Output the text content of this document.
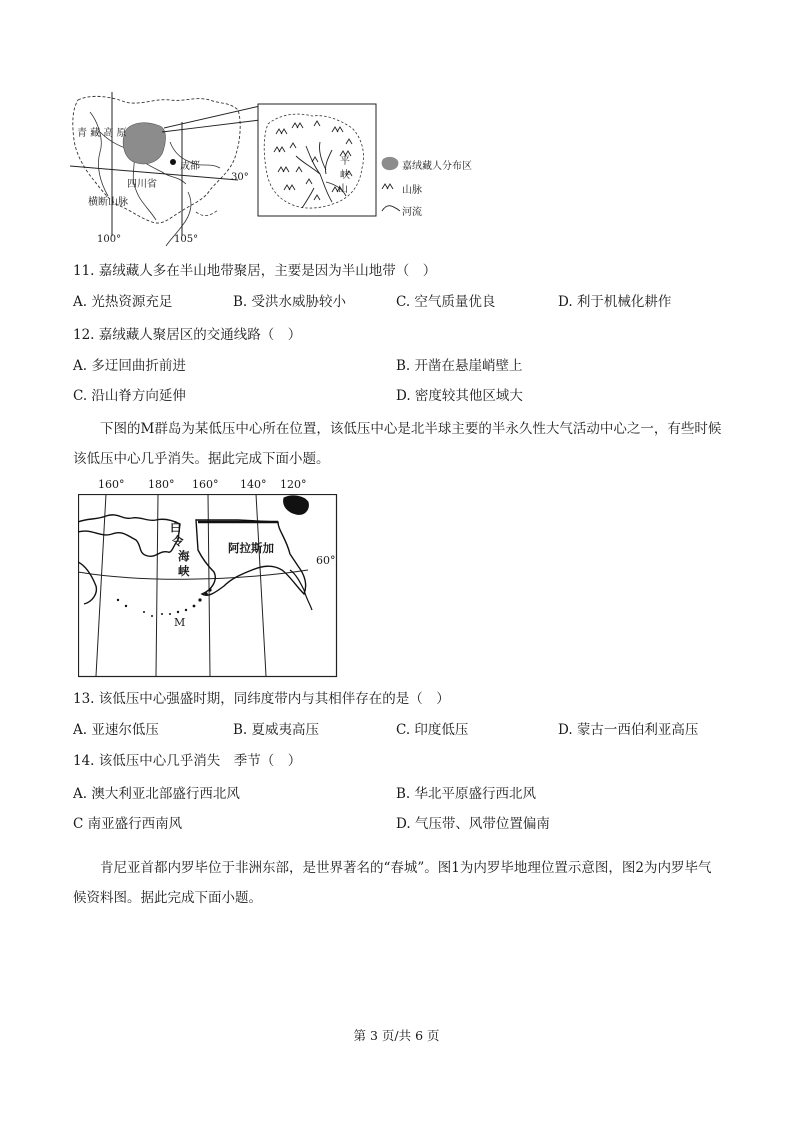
青 藏 高 原
成都
四川省
横断山脉
30°
100°	105°
平
峡
山
嘉绒藏人分布区
山脉
河流
11. 嘉绒藏人多在半山地带聚居，主要是因为半山地带（　）
A. 光热资源充足	B. 受洪水威胁较小	C. 空气质量优良	D. 利于机械化耕作
12. 嘉绒藏人聚居区的交通线路（　）
A. 多迂回曲折前进	B. 开凿在悬崖峭壁上
C. 沿山脊方向延伸	D. 密度较其他区域大
下图的M群岛为某低压中心所在位置，该低压中心是北半球主要的半永久性大气活动中心之一，有些时候该低压中心几乎消失。据此完成下面小题。
160° 180° 160° 140° 120°
60°
白
令
海
峡
阿拉斯加
M
13. 该低压中心强盛时期，同纬度带内与其相伴存在的是（　）
A. 亚速尔低压	B. 夏威夷高压	C. 印度低压	D. 蒙古一西伯利亚高压
14. 该低压中心几乎消失　季节（　）
A. 澳大利亚北部盛行西北风	B. 华北平原盛行西北风
C 南亚盛行西南风	D. 气压带、风带位置偏南
肯尼亚首都内罗毕位于非洲东部，是世界著名的“春城”。图1为内罗毕地理位置示意图，图2为内罗毕气候资料图。据此完成下面小题。
第 3 页/共 6 页
